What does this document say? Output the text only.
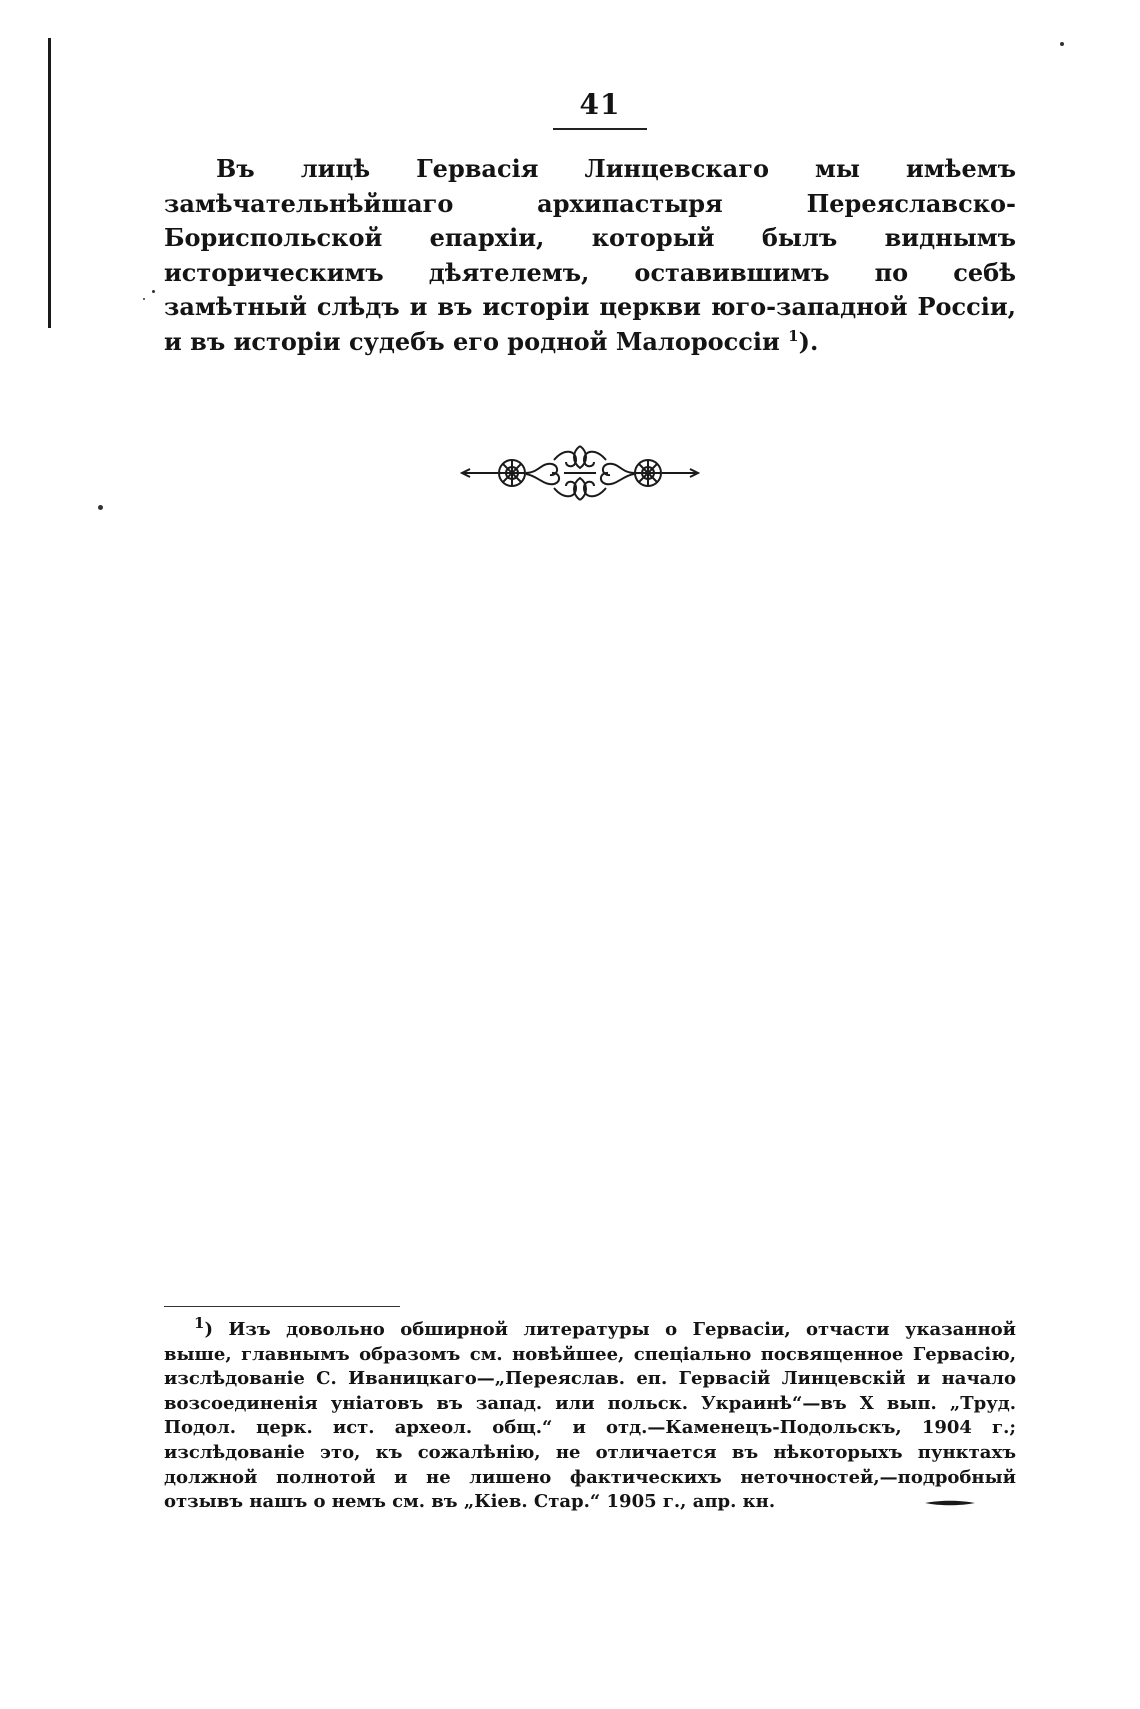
41

Въ лицѣ Гервасія Линцевскаго мы имѣемъ замѣчательнѣйшаго архипастыря Переяславско-Бориспольской епархіи, который былъ виднымъ историческимъ дѣятелемъ, оставившимъ по себѣ замѣтный слѣдъ и въ исторіи церкви юго-западной Россіи, и въ исторіи судебъ его родной Малороссіи $^1$).

$^1$) Изъ довольно обширной литературы о Гервасіи, отчасти указанной выше, главнымъ образомъ см. новѣйшее, спеціально посвященное Гервасію, изслѣдованіе С. Иваницкаго—„Переяслав. еп. Гервасій Линцевскій и начало возсоединенія уніатовъ въ запад. или польск. Украинѣ“—въ X вып. „Труд. Подол. церк. ист. археол. общ.“ и отд.—Каменецъ-Подольскъ, 1904 г.; изслѣдованіе это, къ сожалѣнію, не отличается въ нѣкоторыхъ пунктахъ должной полнотой и не лишено фактическихъ неточностей,—подробный отзывъ нашъ о немъ см. въ „Кіев. Стар.“ 1905 г., апр. кн.
